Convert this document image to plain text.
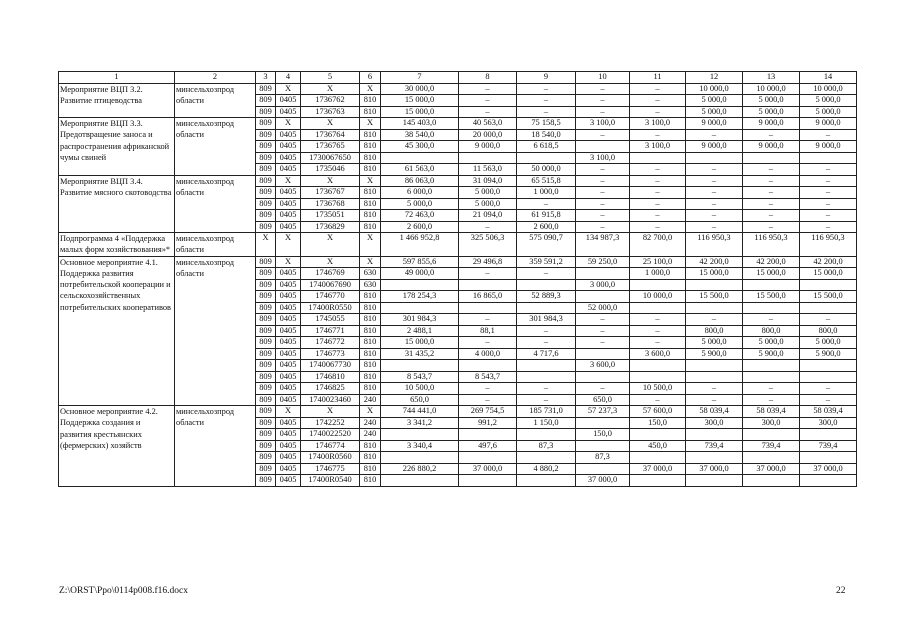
1	2	3	4	5	6	7	8	9	10	11	12	13	14
Мероприятие ВЦП 3.2. Развитие птицеводства	минсельхозпрод области	809	X	X	X	30 000,0	–	–	–	–	10 000,0	10 000,0	10 000,0
		809	0405	1736762	810	15 000,0	–	–	–	–	5 000,0	5 000,0	5 000,0
		809	0405	1736763	810	15 000,0	–	–	–	–	5 000,0	5 000,0	5 000,0
Мероприятие ВЦП 3.3. Предотвращение заноса и распространения африканской чумы свиней	минсельхозпрод области	809	X	X	X	145 403,0	40 563,0	75 158,5	3 100,0	3 100,0	9 000,0	9 000,0	9 000,0
		809	0405	1736764	810	38 540,0	20 000,0	18 540,0	–	–	–	–	–
		809	0405	1736765	810	45 300,0	9 000,0	6 618,5		3 100,0	9 000,0	9 000,0	9 000,0
		809	0405	1730067650	810				3 100,0				
		809	0405	1735046	810	61 563,0	11 563,0	50 000,0	–	–	–	–	–
Мероприятие ВЦП 3.4. Развитие мясного скотоводства	минсельхозпрод области	809	X	X	X	86 063,0	31 094,0	65 515,8	–	–	–	–	–
		809	0405	1736767	810	6 000,0	5 000,0	1 000,0	–	–	–	–	–
		809	0405	1736768	810	5 000,0	5 000,0	–	–	–	–	–	–
		809	0405	1735051	810	72 463,0	21 094,0	61 915,8	–	–	–	–	–
		809	0405	1736829	810	2 600,0	–	2 600,0	–	–	–	–	–
Подпрограмма 4 «Поддержка малых форм хозяйствования»*	минсельхозпрод области	X	X	X	X	1 466 952,8	325 506,3	575 090,7	134 987,3	82 700,0	116 950,3	116 950,3	116 950,3
Основное мероприятие 4.1. Поддержка развития потребительской кооперации и сельскохозяйственных потребительских кооперативов	минсельхозпрод области	809	X	X	X	597 855,6	29 496,8	359 591,2	59 250,0	25 100,0	42 200,0	42 200,0	42 200,0
		809	0405	1746769	630	49 000,0	–	–		1 000,0	15 000,0	15 000,0	15 000,0
		809	0405	1740067690	630				3 000,0				
		809	0405	1746770	810	178 254,3	16 865,0	52 889,3		10 000,0	15 500,0	15 500,0	15 500,0
		809	0405	17400R0550	810				52 000,0				
		809	0405	1745055	810	301 984,3	–	301 984,3	–	–	–	–	–
		809	0405	1746771	810	2 488,1	88,1	–	–	–	800,0	800,0	800,0
		809	0405	1746772	810	15 000,0	–	–	–	–	5 000,0	5 000,0	5 000,0
		809	0405	1746773	810	31 435,2	4 000,0	4 717,6		3 600,0	5 900,0	5 900,0	5 900,0
		809	0405	1740067730	810				3 600,0				
		809	0405	1746810	810	8 543,7	8 543,7						
		809	0405	1746825	810	10 500,0	–	–	–	10 500,0	–	–	–
		809	0405	1740023460	240	650,0	–	–	650,0	–	–	–	–
Основное мероприятие 4.2. Поддержка создания и развития крестьянских (фермерских) хозяйств	минсельхозпрод области	809	X	X	X	744 441,0	269 754,5	185 731,0	57 237,3	57 600,0	58 039,4	58 039,4	58 039,4
		809	0405	1742252	240	3 341,2	991,2	1 150,0		150,0	300,0	300,0	300,0
		809	0405	1740022520	240				150,0				
		809	0405	1746774	810	3 340,4	497,6	87,3		450,0	739,4	739,4	739,4
		809	0405	17400R0560	810				87,3				
		809	0405	1746775	810	226 880,2	37 000,0	4 880,2		37 000,0	37 000,0	37 000,0	37 000,0
		809	0405	17400R0540	810				37 000,0				
Z:\ORST\Ppo\0114p008.f16.docx	22
